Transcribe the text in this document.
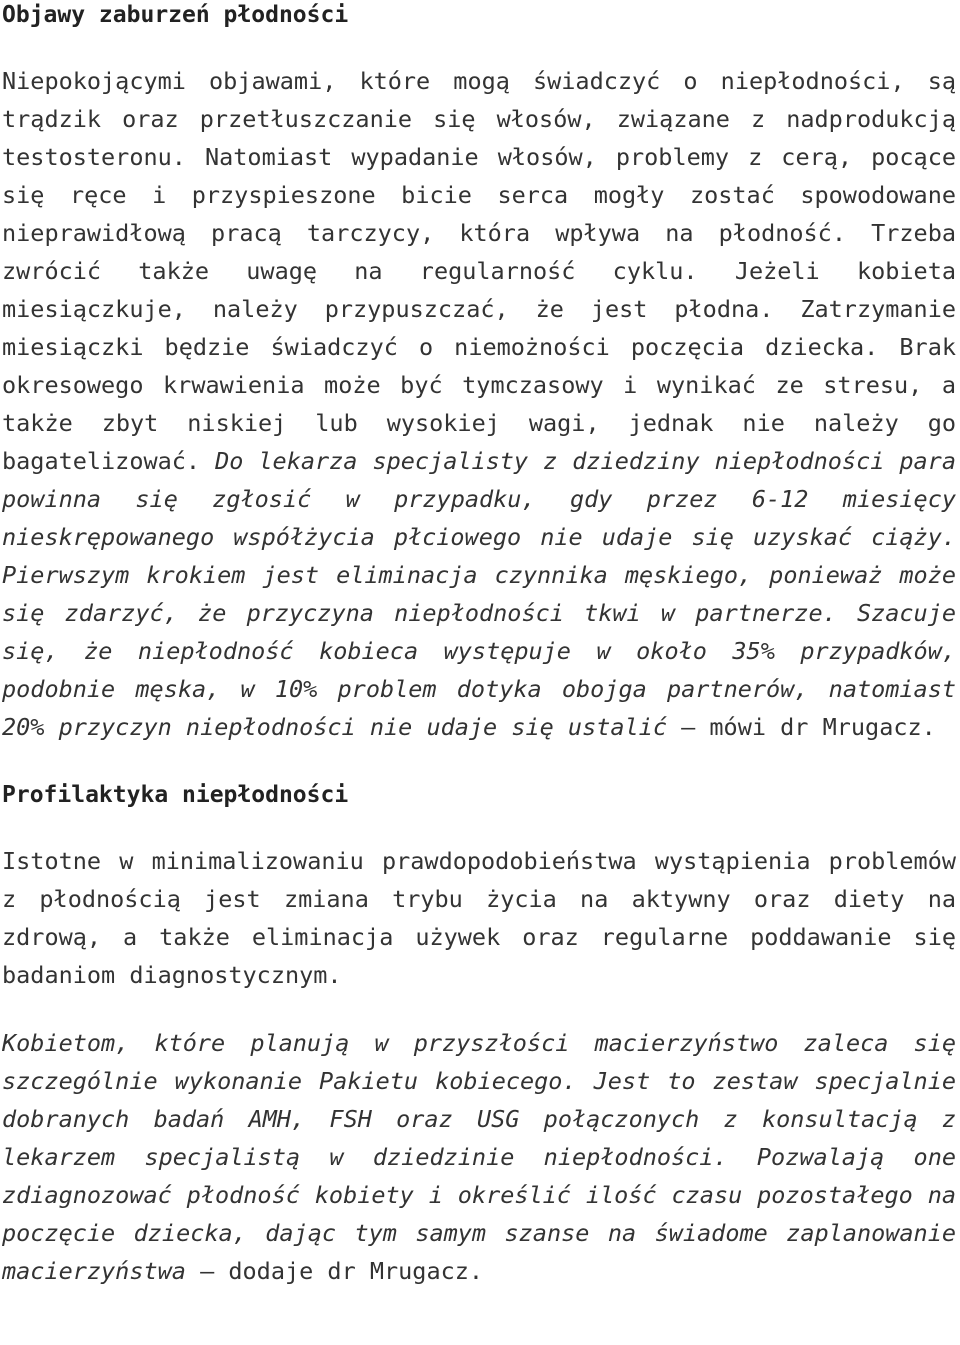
Objawy zaburzeń płodności

Niepokojącymi objawami, które mogą świadczyć o niepłodności, są trądzik oraz przetłuszczanie się włosów, związane z nadprodukcją testosteronu. Natomiast wypadanie włosów, problemy z cerą, pocące się ręce i przyspieszone bicie serca mogły zostać spowodowane nieprawidłową pracą tarczycy, która wpływa na płodność. Trzeba zwrócić także uwagę na regularność cyklu. Jeżeli kobieta miesiączkuje, należy przypuszczać, że jest płodna. Zatrzymanie miesiączki będzie świadczyć o niemożności poczęcia dziecka. Brak okresowego krwawienia może być tymczasowy i wynikać ze stresu, a także zbyt niskiej lub wysokiej wagi, jednak nie należy go bagatelizować. Do lekarza specjalisty z dziedziny niepłodności para powinna się zgłosić w przypadku, gdy przez 6-12 miesięcy nieskrępowanego współżycia płciowego nie udaje się uzyskać ciąży. Pierwszym krokiem jest eliminacja czynnika męskiego, ponieważ może się zdarzyć, że przyczyna niepłodności tkwi w partnerze. Szacuje się, że niepłodność kobieca występuje w około 35% przypadków, podobnie męska, w 10% problem dotyka obojga partnerów, natomiast 20% przyczyn niepłodności nie udaje się ustalić – mówi dr Mrugacz.

Profilaktyka niepłodności

Istotne w minimalizowaniu prawdopodobieństwa wystąpienia problemów z płodnością jest zmiana trybu życia na aktywny oraz diety na zdrową, a także eliminacja używek oraz regularne poddawanie się badaniom diagnostycznym.

Kobietom, które planują w przyszłości macierzyństwo zaleca się szczególnie wykonanie Pakietu kobiecego. Jest to zestaw specjalnie dobranych badań AMH, FSH oraz USG połączonych z konsultacją z lekarzem specjalistą w dziedzinie niepłodności. Pozwalają one zdiagnozować płodność kobiety i określić ilość czasu pozostałego na poczęcie dziecka, dając tym samym szanse na świadome zaplanowanie macierzyństwa – dodaje dr Mrugacz.
